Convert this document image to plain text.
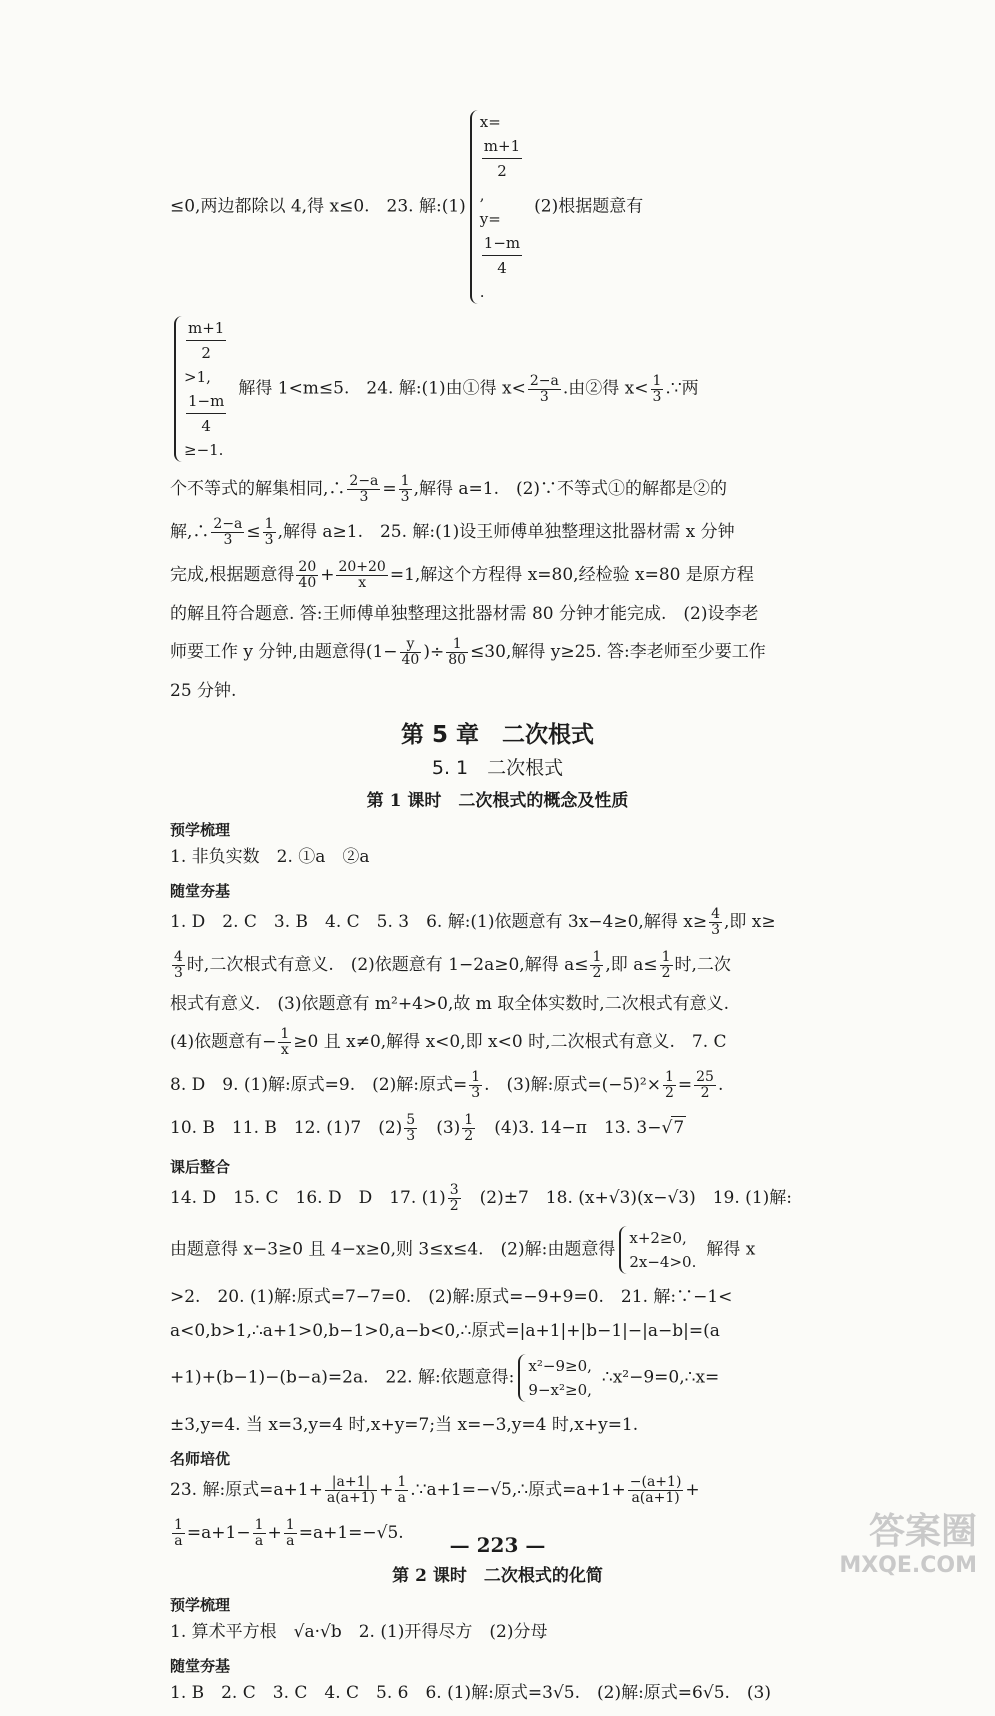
≤0,两边都除以 4,得 x≤0.　23. 解:(1)
x=
m+1
2
,
y=
1−m
4
.
(2)根据题意有
m+1
2
>1,
1−m
4
≥−1.
解得 1<m≤5.　24. 解:(1)由①得 $x< \frac{2-a}{3}$ .由②得 $x< \frac{1}{3}$ .∵两
个不等式的解集相同,∴ $\frac{2-a}{3} = \frac{1}{3}$ ,解得 a=1.　(2)∵不等式①的解都是②的
解,∴ $\frac{2-a}{3} \le \frac{1}{3}$ ,解得 a≥1.　25. 解:(1)设王师傅单独整理这批器材需 x 分钟
完成,根据题意得 $\frac{20}{40} + \frac{20+20}{x} =1$,解这个方程得 x=80,经检验 x=80 是原方程
的解且符合题意. 答:王师傅单独整理这批器材需 80 分钟才能完成.　(2)设李老
师要工作 y 分钟,由题意得($1- \frac{y}{40}$ )÷ $\frac{1}{80} \le 30$,解得 y≥25. 答:李老师至少要工作
25 分钟.
第 5 章　二次根式
5. 1　二次根式
第 1 课时　二次根式的概念及性质
预学梳理
1. 非负实数　2. ①a　②a
随堂夯基
1. D　2. C　3. B　4. C　5. 3　6. 解:(1)依题意有 3x−4≥0,解得 $x\ge \frac{4}{3}$ ,即 x≥
$\frac{4}{3}$ 时,二次根式有意义.　(2)依题意有 1−2a≥0,解得 $a\le \frac{1}{2}$ ,即 $a\le \frac{1}{2}$ 时,二次
根式有意义.　(3)依题意有 m²+4>0,故 m 取全体实数时,二次根式有意义.
(4)依题意有− $\frac{1}{x} \ge 0$ 且 x≠0,解得 x<0,即 x<0 时,二次根式有意义.　7. C
8. D　9. (1)解:原式=9.　(2)解:原式= $\frac{1}{3}$ .　(3)解:原式$=(-5)^2\times \frac{1}{2} = \frac{25}{2}$ .
10. B　11. B　12. (1)7　$(2) \frac{5}{3}$ 　$(3) \frac{1}{2}$ 　(4)3. 14−π　13. 3−√7
课后整合
14. D　15. C　16. D　D　17. $(1) \frac{3}{2}$ 　(2)±7　18. (x+√3)(x−√3)　19. (1)解:
由题意得 x−3≥0 且 4−x≥0,则 3≤x≤4.　(2)解:由题意得
x+2≥0,
2x−4>0.
解得 x
>2.　20. (1)解:原式=7−7=0.　(2)解:原式=−9+9=0.　21. 解:∵−1<
a<0,b>1,∴a+1>0,b−1>0,a−b<0,∴原式=|a+1|+|b−1|−|a−b|=(a
+1)+(b−1)−(b−a)=2a.　22. 解:依题意得:
x²−9≥0,
9−x²≥0,
∴x²−9=0,∴x=
±3,y=4. 当 x=3,y=4 时,x+y=7;当 x=−3,y=4 时,x+y=1.
名师培优
23. 解:原式$=a+1+ \frac{|a+1|}{a(a+1)} + \frac{1}{a}$ .∵a+1=−√5,∴原式$=a+1+ \frac{-(a+1)}{a(a+1)}$ +
$\frac{1}{a} =a+1- \frac{1}{a} + \frac{1}{a} =a+1=-√5$.
第 2 课时　二次根式的化简
预学梳理
1. 算术平方根　√a·√b　2. (1)开得尽方　(2)分母
随堂夯基
1. B　2. C　3. C　4. C　5. 6　6. (1)解:原式=3√5.　(2)解:原式=6√5.　(3)
— 223 —	答案圈
MXQE.COM
